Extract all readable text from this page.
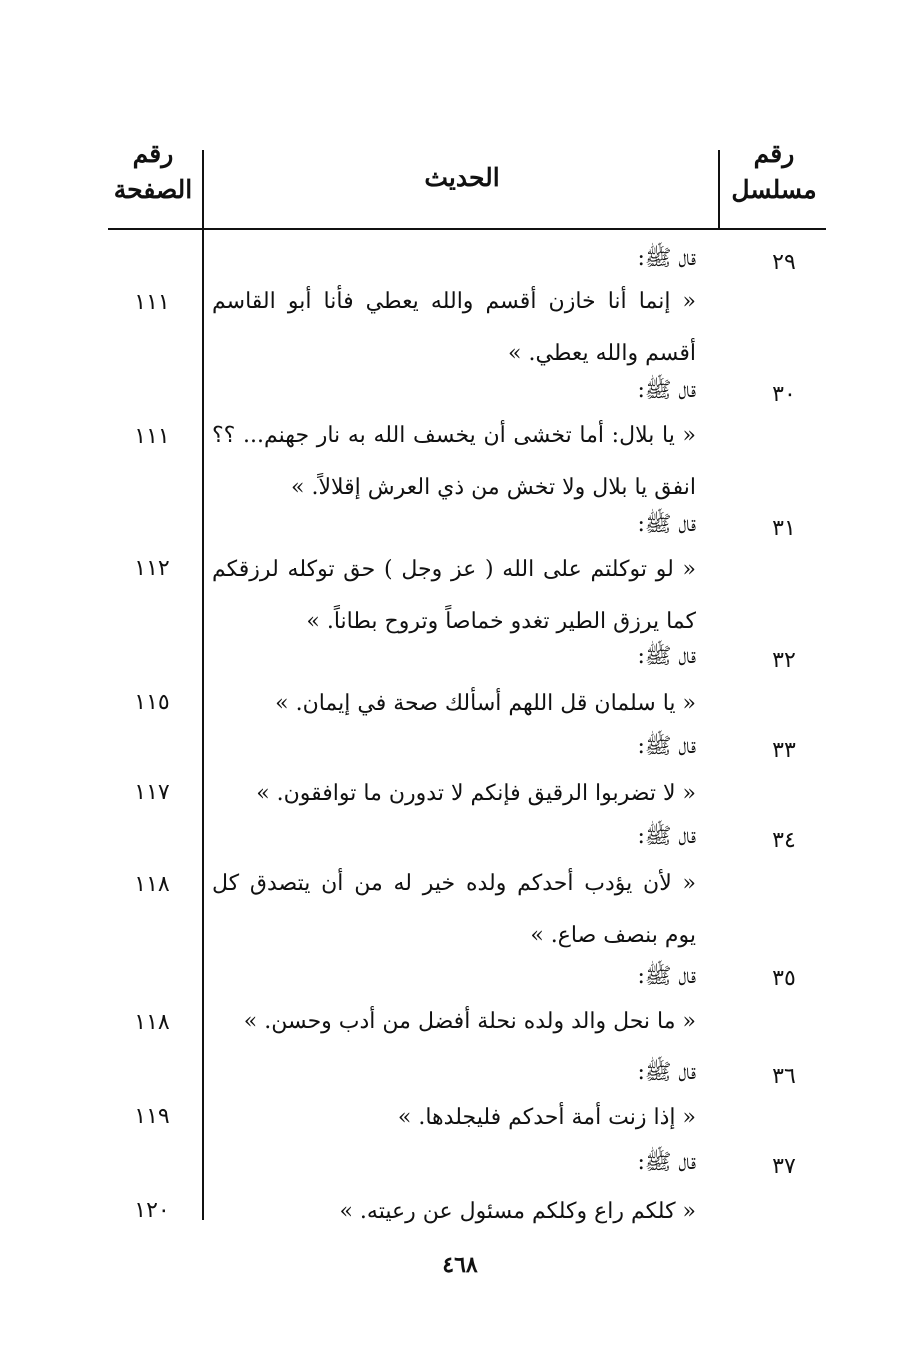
رقم
مسلسل
الحديث
رقم
الصفحة
٢٩
قال ﷺ:
« إنما أنا خازن أقسم والله يعطي فأنا أبو القاسم أقسم والله يعطي. »
١١١
٣٠
قال ﷺ:
« يا بلال: أما تخشى أن يخسف الله به نار جهنم... ؟؟ انفق يا بلال ولا تخش من ذي العرش إقلالاً. »
١١١
٣١
قال ﷺ:
« لو توكلتم على الله ( عز وجل ) حق توكله لرزقكم كما يرزق الطير تغدو خماصاً وتروح بطاناً. »
١١٢
٣٢
قال ﷺ:
« يا سلمان قل اللهم أسألك صحة في إيمان. »
١١٥
٣٣
قال ﷺ:
« لا تضربوا الرقيق فإنكم لا تدورن ما توافقون. »
١١٧
٣٤
قال ﷺ:
« لأن يؤدب أحدكم ولده خير له من أن يتصدق كل يوم بنصف صاع. »
١١٨
٣٥
قال ﷺ:
« ما نحل والد ولده نحلة أفضل من أدب وحسن. »
١١٨
٣٦
قال ﷺ:
« إذا زنت أمة أحدكم فليجلدها. »
١١٩
٣٧
قال ﷺ:
« كلكم راع وكلكم مسئول عن رعيته. »
١٢٠
٤٦٨
